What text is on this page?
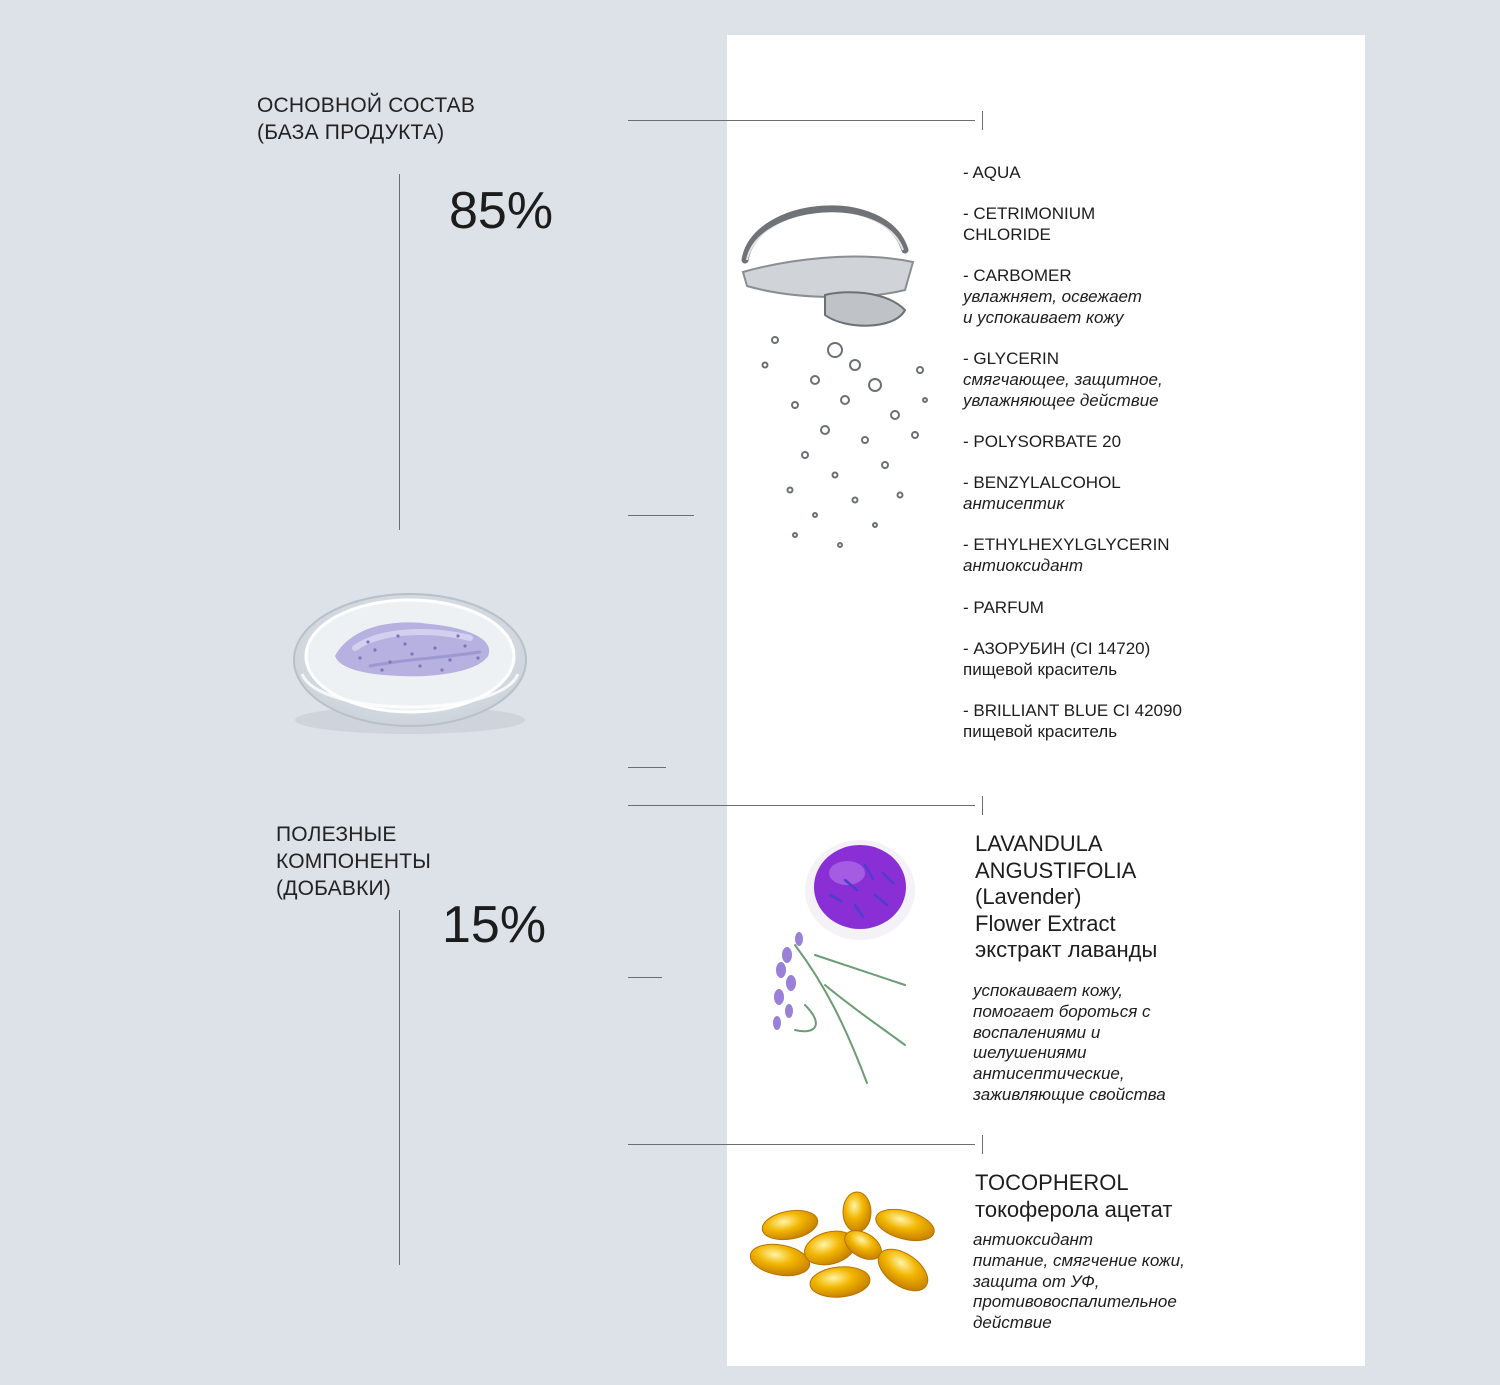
ОСНОВНОЙ СОСТАВ
(БАЗА ПРОДУКТА)
85%
ПОЛЕЗНЫЕ
КОМПОНЕНТЫ
(ДОБАВКИ)
15%
- AQUA
- CETRIMONIUM
CHLORIDE
- CARBOMER
увлажняет, освежает
и успокаивает кожу
- GLYCERIN
смягчающее, защитное,
увлажняющее действие
- POLYSORBATE 20
- BENZYLALCOHOL
антисептик
- ETHYLHEXYLGLYCERIN
антиоксидант
- PARFUM
- АЗОРУБИН (CI 14720)
пищевой краситель
- BRILLIANT BLUE CI 42090
пищевой краситель
LAVANDULA
ANGUSTIFOLIA
(Lavender)
Flower Extract
экстракт лаванды
успокаивает кожу,
помогает бороться с
воспалениями и
шелушениями
антисептические,
заживляющие свойства
TOCOPHEROL
токоферола ацетат
антиоксидант
питание, смягчение кожи,
защита от УФ,
противовоспалительное
действие
